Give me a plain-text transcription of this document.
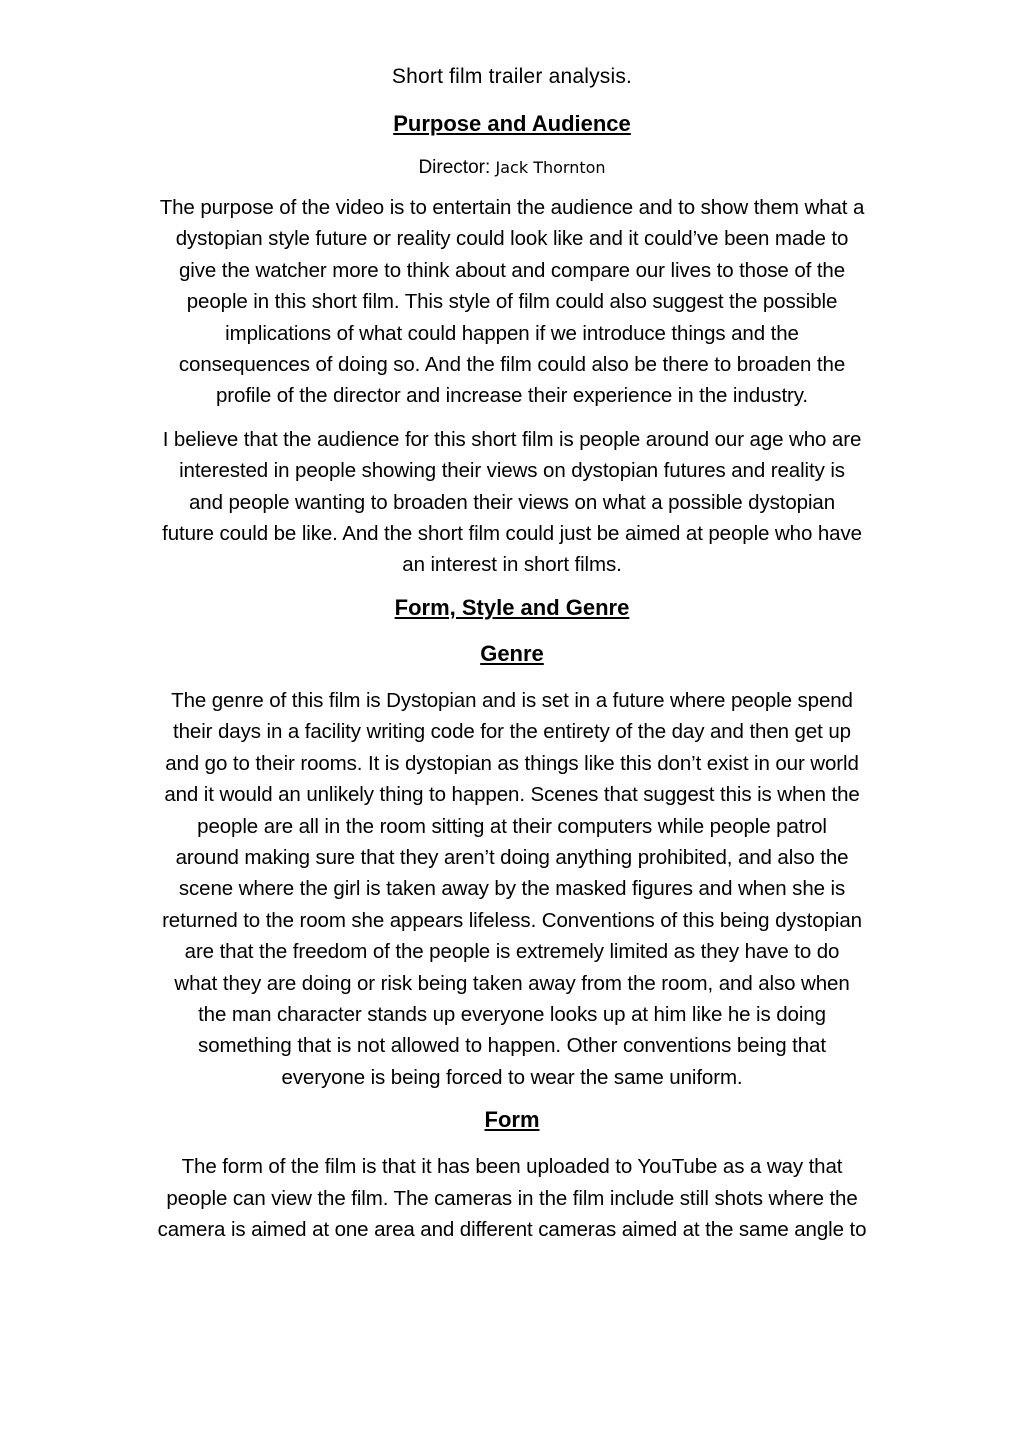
Short film trailer analysis.
Purpose and Audience
Director: Jack Thornton
The purpose of the video is to entertain the audience and to show them what a
dystopian style future or reality could look like and it could’ve been made to
give the watcher more to think about and compare our lives to those of the
people in this short film. This style of film could also suggest the possible
implications of what could happen if we introduce things and the
consequences of doing so. And the film could also be there to broaden the
profile of the director and increase their experience in the industry.
I believe that the audience for this short film is people around our age who are
interested in people showing their views on dystopian futures and reality is
and people wanting to broaden their views on what a possible dystopian
future could be like. And the short film could just be aimed at people who have
an interest in short films.
Form, Style and Genre
Genre
The genre of this film is Dystopian and is set in a future where people spend
their days in a facility writing code for the entirety of the day and then get up
and go to their rooms. It is dystopian as things like this don’t exist in our world
and it would an unlikely thing to happen. Scenes that suggest this is when the
people are all in the room sitting at their computers while people patrol
around making sure that they aren’t doing anything prohibited, and also the
scene where the girl is taken away by the masked figures and when she is
returned to the room she appears lifeless. Conventions of this being dystopian
are that the freedom of the people is extremely limited as they have to do
what they are doing or risk being taken away from the room, and also when
the man character stands up everyone looks up at him like he is doing
something that is not allowed to happen. Other conventions being that
everyone is being forced to wear the same uniform.
Form
The form of the film is that it has been uploaded to YouTube as a way that
people can view the film. The cameras in the film include still shots where the
camera is aimed at one area and different cameras aimed at the same angle to
